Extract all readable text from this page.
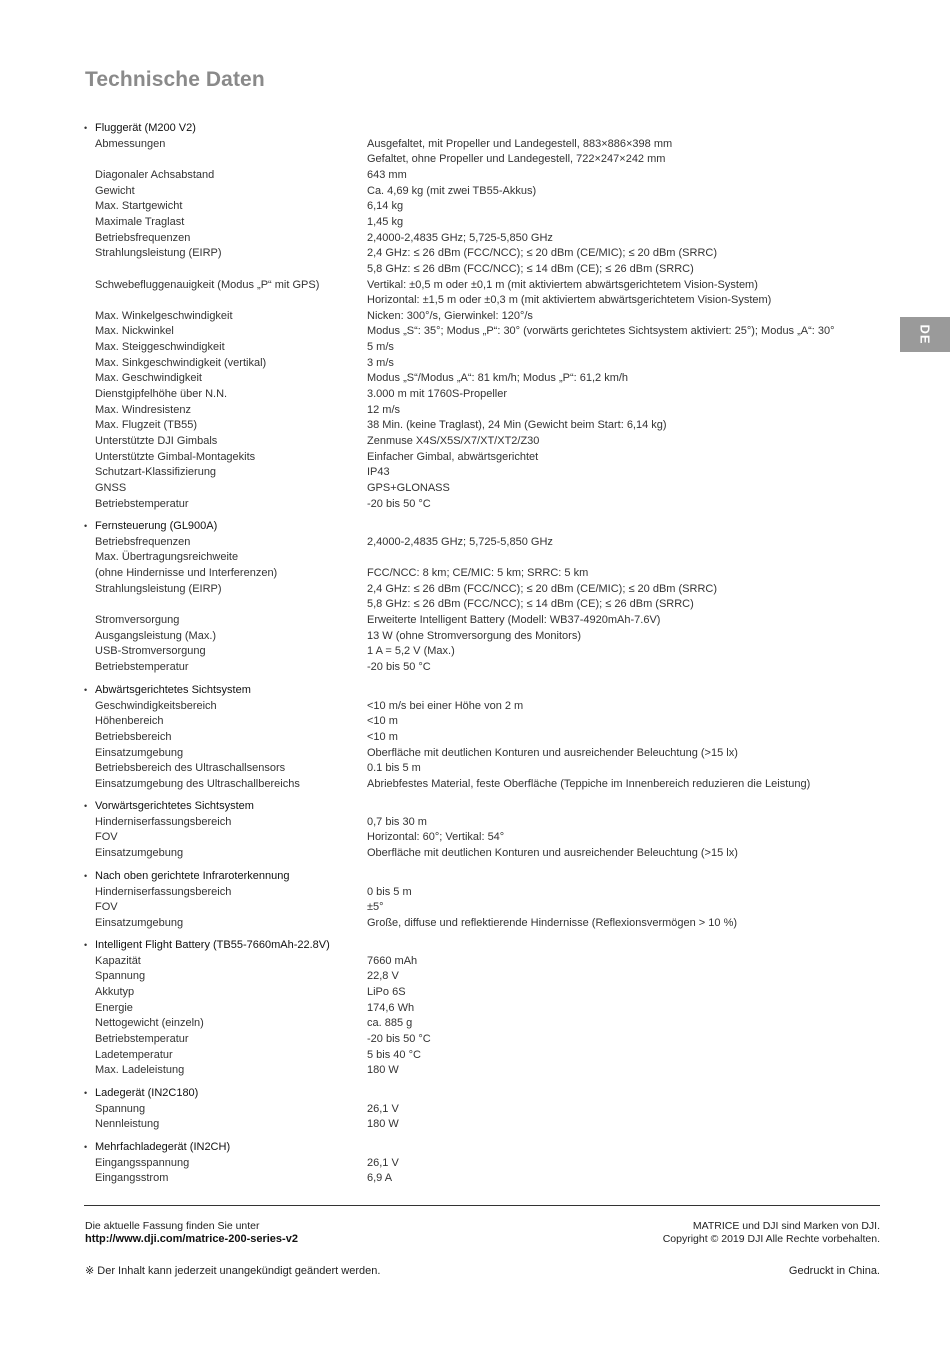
Technische Daten
DE
• Fluggerät (M200 V2)
Abmessungen	Ausgefaltet, mit Propeller und Landegestell, 883×886×398 mm
Gefaltet, ohne Propeller und Landegestell, 722×247×242 mm
Diagonaler Achsabstand	643 mm
Gewicht	Ca. 4,69 kg (mit zwei TB55-Akkus)
Max. Startgewicht	6,14 kg
Maximale Traglast	1,45 kg
Betriebsfrequenzen	2,4000-2,4835 GHz; 5,725-5,850 GHz
Strahlungsleistung (EIRP)	2,4 GHz: ≤ 26 dBm (FCC/NCC); ≤ 20 dBm (CE/MIC); ≤ 20 dBm (SRRC)
5,8 GHz: ≤ 26 dBm (FCC/NCC); ≤ 14 dBm (CE); ≤ 26 dBm (SRRC)
Schwebefluggenauigkeit (Modus „P“ mit GPS)	Vertikal: ±0,5 m oder ±0,1 m (mit aktiviertem abwärtsgerichtetem Vision-System)
Horizontal: ±1,5 m oder ±0,3 m (mit aktiviertem abwärtsgerichtetem Vision-System)
Max. Winkelgeschwindigkeit	Nicken: 300°/s, Gierwinkel: 120°/s
Max. Nickwinkel	Modus „S“: 35°; Modus „P“: 30° (vorwärts gerichtetes Sichtsystem aktiviert: 25°); Modus „A“: 30°
Max. Steiggeschwindigkeit	5 m/s
Max. Sinkgeschwindigkeit (vertikal)	3 m/s
Max. Geschwindigkeit	Modus „S“/Modus „A“: 81 km/h; Modus „P“: 61,2 km/h
Dienstgipfelhöhe über N.N.	3.000 m mit 1760S-Propeller
Max. Windresistenz	12 m/s
Max. Flugzeit (TB55)	38 Min. (keine Traglast), 24 Min (Gewicht beim Start: 6,14 kg)
Unterstützte DJI Gimbals	Zenmuse X4S/X5S/X7/XT/XT2/Z30
Unterstützte Gimbal-Montagekits	Einfacher Gimbal, abwärtsgerichtet
Schutzart-Klassifizierung	IP43
GNSS	GPS+GLONASS
Betriebstemperatur	-20 bis 50 °C
• Fernsteuerung (GL900A)
Betriebsfrequenzen	2,4000-2,4835 GHz; 5,725-5,850 GHz
Max. Übertragungsreichweite
(ohne Hindernisse und Interferenzen)	FCC/NCC: 8 km; CE/MIC: 5 km; SRRC: 5 km
Strahlungsleistung (EIRP)	2,4 GHz: ≤ 26 dBm (FCC/NCC); ≤ 20 dBm (CE/MIC); ≤ 20 dBm (SRRC)
5,8 GHz: ≤ 26 dBm (FCC/NCC); ≤ 14 dBm (CE); ≤ 26 dBm (SRRC)
Stromversorgung	Erweiterte Intelligent Battery (Modell: WB37-4920mAh-7.6V)
Ausgangsleistung (Max.)	13 W (ohne Stromversorgung des Monitors)
USB-Stromversorgung	1 A = 5,2 V (Max.)
Betriebstemperatur	-20 bis 50 °C
• Abwärtsgerichtetes Sichtsystem
Geschwindigkeitsbereich	<10 m/s bei einer Höhe von 2 m
Höhenbereich	<10 m
Betriebsbereich	<10 m
Einsatzumgebung	Oberfläche mit deutlichen Konturen und ausreichender Beleuchtung (>15 lx)
Betriebsbereich des Ultraschallsensors	0.1 bis 5 m
Einsatzumgebung des Ultraschallbereichs	Abriebfestes Material, feste Oberfläche (Teppiche im Innenbereich reduzieren die Leistung)
• Vorwärtsgerichtetes Sichtsystem
Hinderniserfassungsbereich	0,7 bis 30 m
FOV	Horizontal: 60°; Vertikal: 54°
Einsatzumgebung	Oberfläche mit deutlichen Konturen und ausreichender Beleuchtung (>15 lx)
• Nach oben gerichtete Infraroterkennung
Hinderniserfassungsbereich	0 bis 5 m
FOV	±5°
Einsatzumgebung	Große, diffuse und reflektierende Hindernisse (Reflexionsvermögen > 10 %)
• Intelligent Flight Battery (TB55-7660mAh-22.8V)
Kapazität	7660 mAh
Spannung	22,8 V
Akkutyp	LiPo 6S
Energie	174,6 Wh
Nettogewicht (einzeln)	ca. 885 g
Betriebstemperatur	-20 bis 50 °C
Ladetemperatur	5 bis 40 °C
Max. Ladeleistung	180 W
• Ladegerät (IN2C180)
Spannung	26,1 V
Nennleistung	180 W
• Mehrfachladegerät (IN2CH)
Eingangsspannung	26,1 V
Eingangsstrom	6,9 A
Die aktuelle Fassung finden Sie unter
http://www.dji.com/matrice-200-series-v2
MATRICE und DJI sind Marken von DJI.
Copyright © 2019 DJI Alle Rechte vorbehalten.
※ Der Inhalt kann jederzeit unangekündigt geändert werden.	Gedruckt in China.
